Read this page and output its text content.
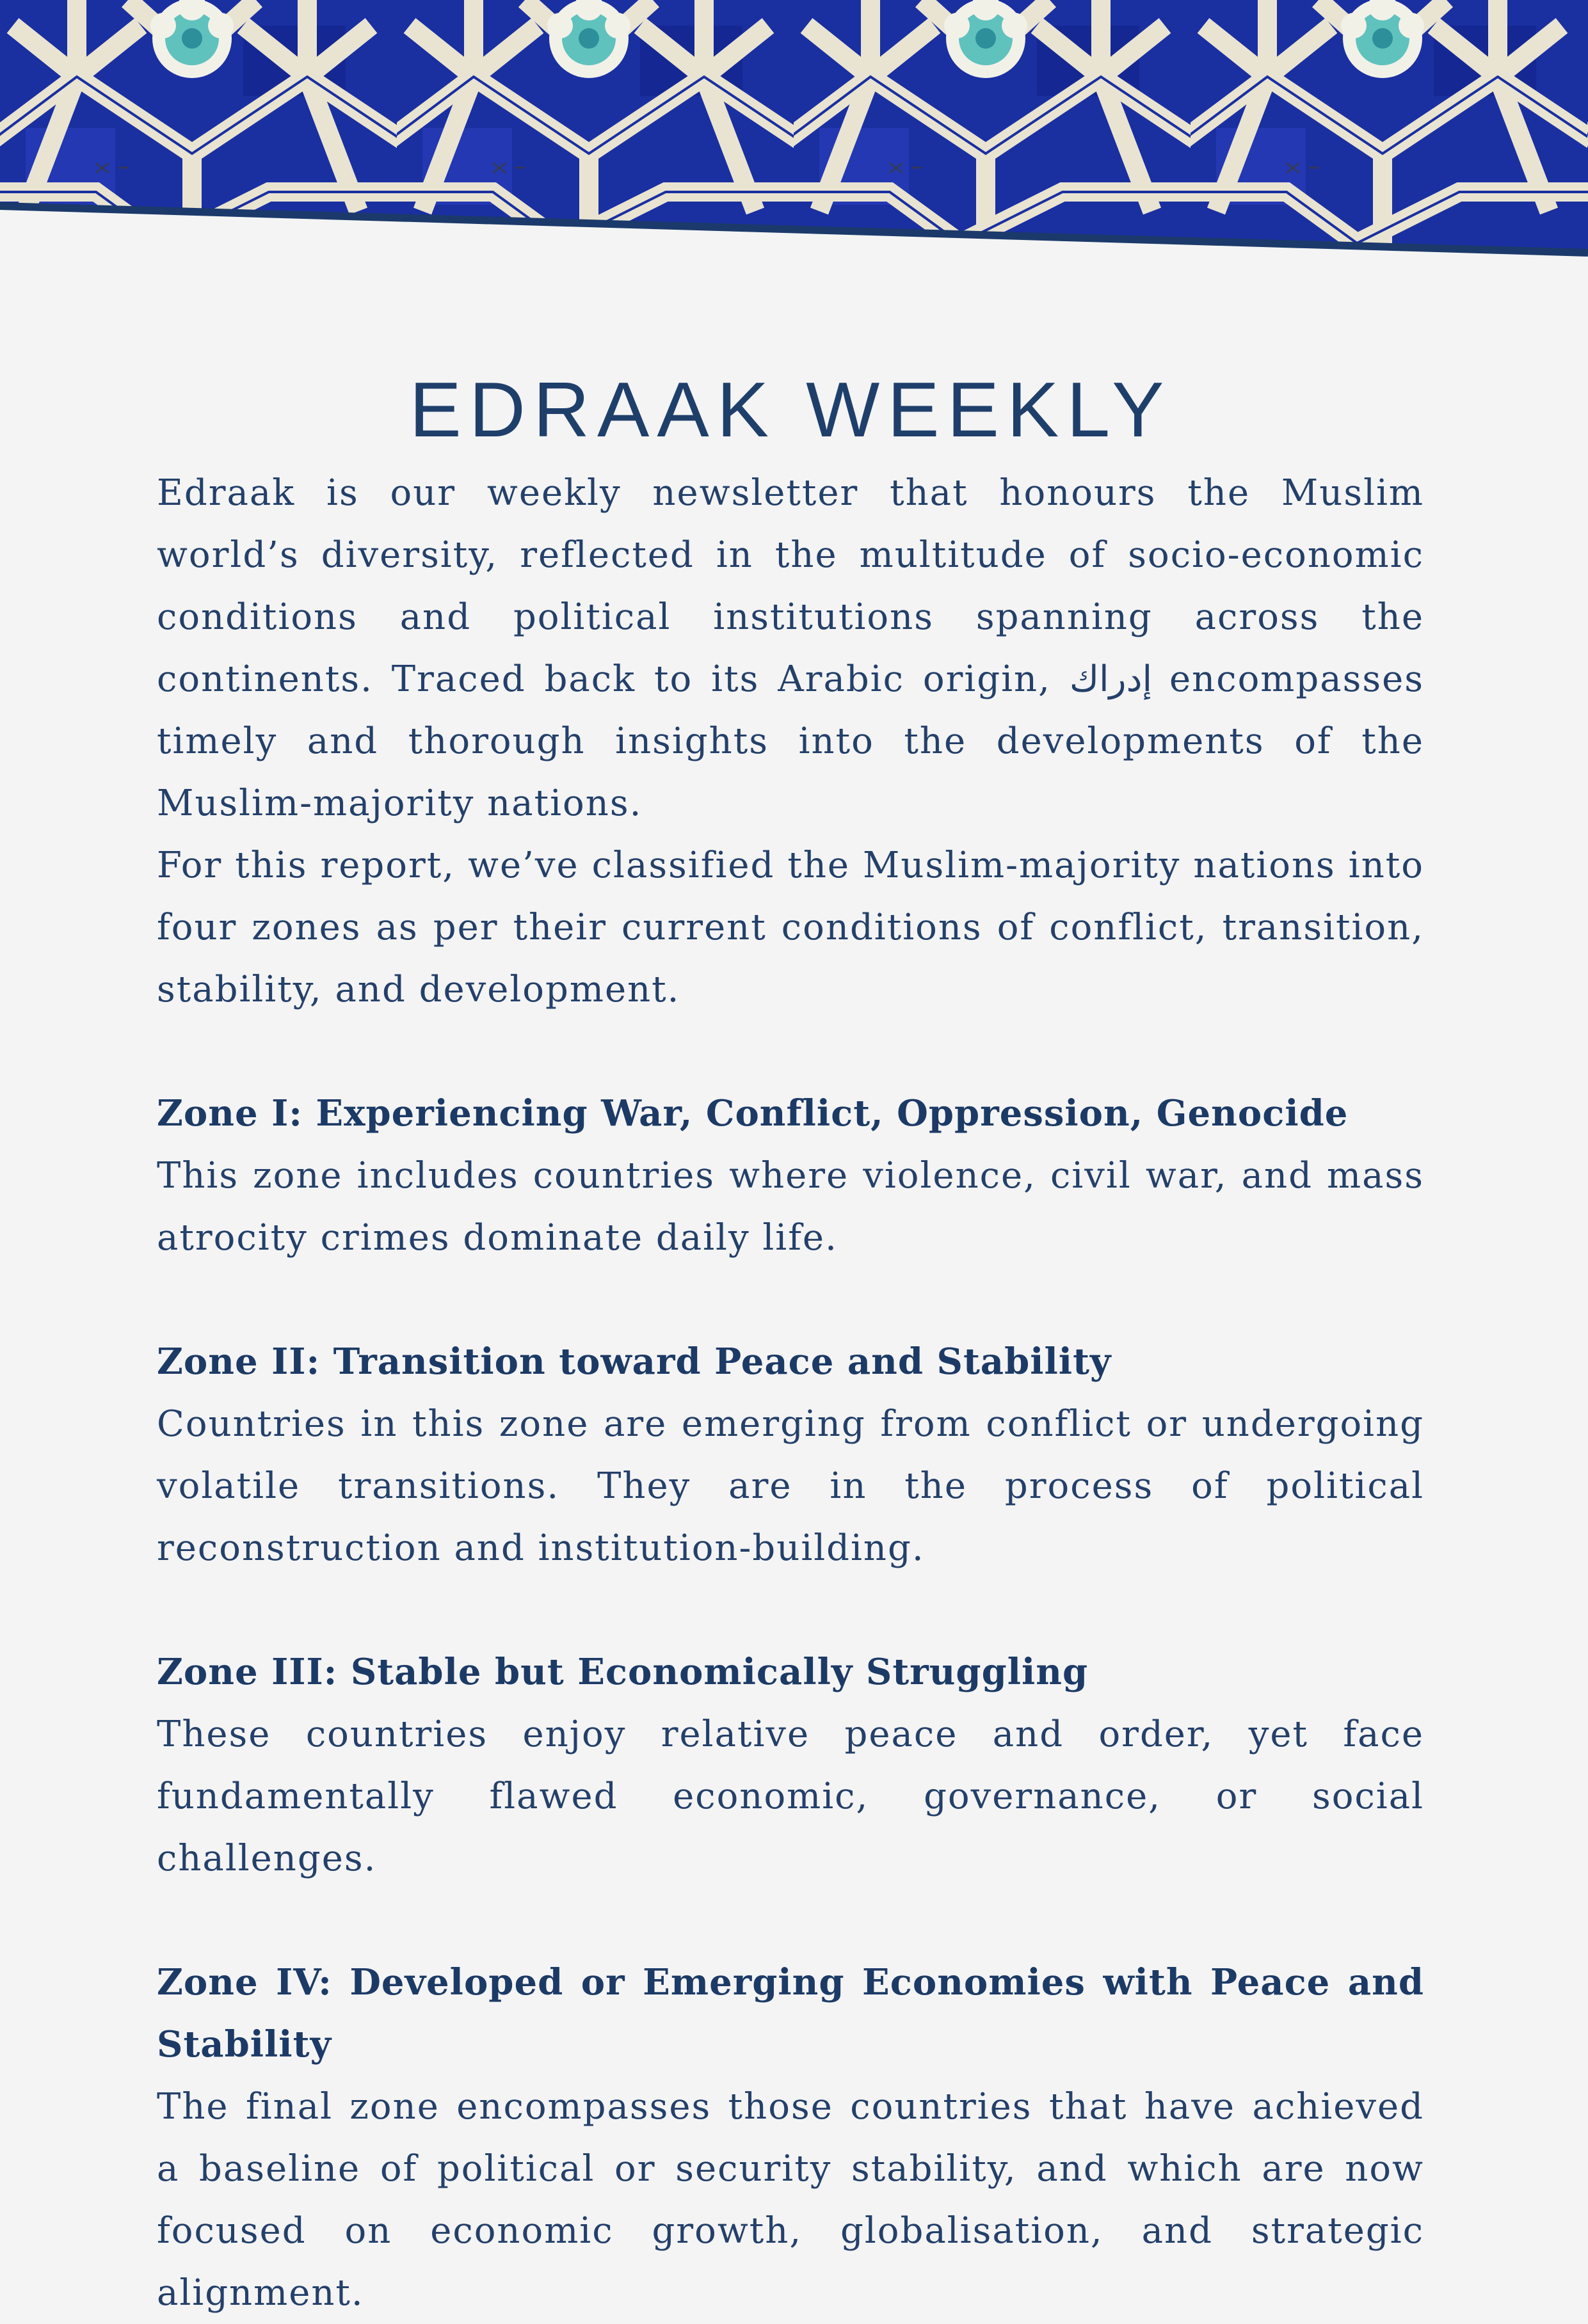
EDRAAK WEEKLY

Edraak is our weekly newsletter that honours the Muslim world’s diversity, reflected in the multitude of socio-economic conditions and political institutions spanning across the continents. Traced back to its Arabic origin, إدراك encompasses timely and thorough insights into the developments of the Muslim-majority nations.

For this report, we’ve classified the Muslim-majority nations into four zones as per their current conditions of conflict, transition, stability, and development.

Zone I: Experiencing War, Conflict, Oppression, Genocide

This zone includes countries where violence, civil war, and mass atrocity crimes dominate daily life.

Zone II: Transition toward Peace and Stability

Countries in this zone are emerging from conflict or undergoing volatile transitions. They are in the process of political reconstruction and institution-building.

Zone III: Stable but Economically Struggling

These countries enjoy relative peace and order, yet face fundamentally flawed economic, governance, or social challenges.

Zone IV: Developed or Emerging Economies with Peace and Stability

The final zone encompasses those countries that have achieved a baseline of political or security stability, and which are now focused on economic growth, globalisation, and strategic alignment.
